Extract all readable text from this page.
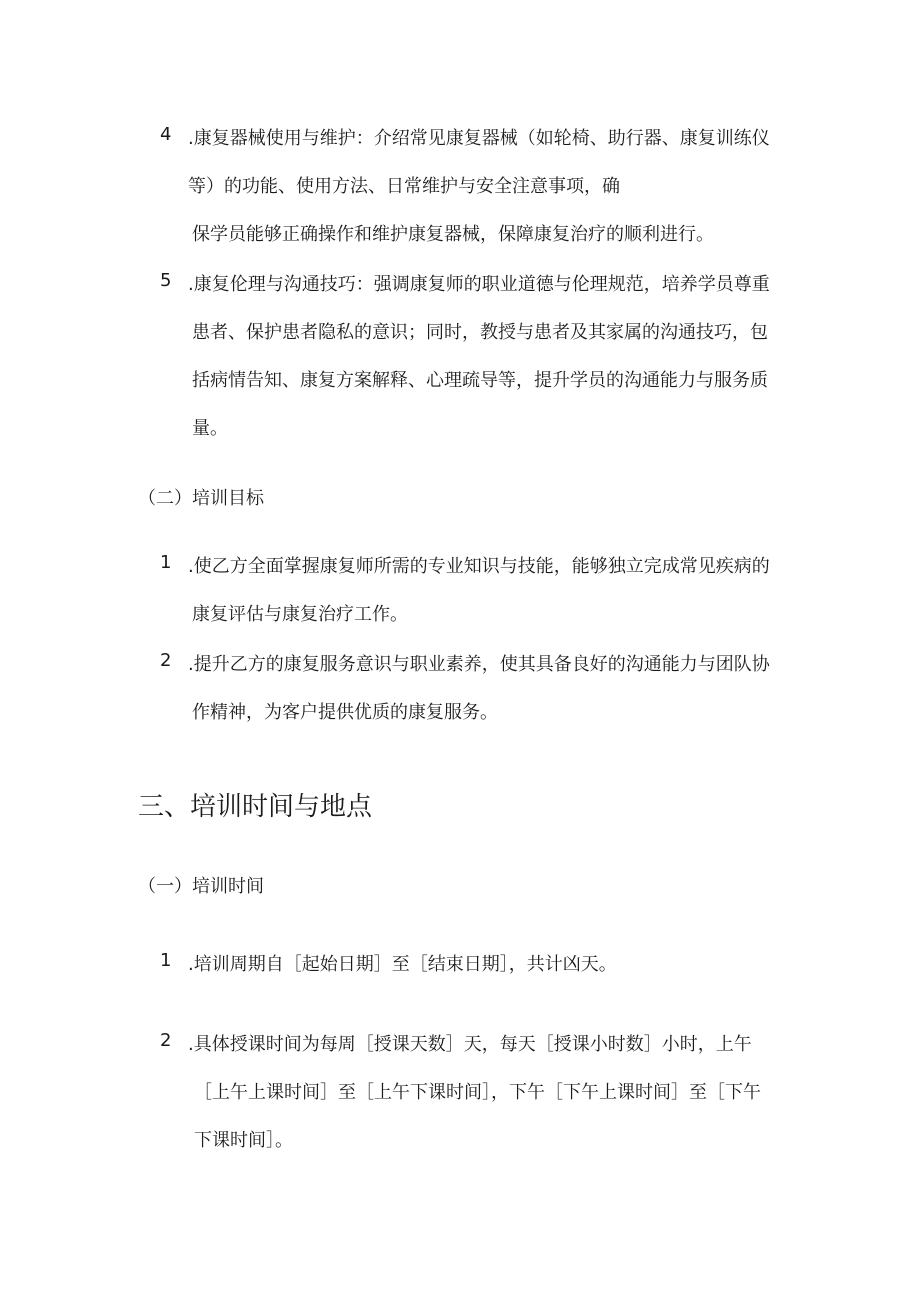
4 .康复器械使用与维护：介绍常见康复器械（如轮椅、助行器、康复训练仪
等）的功能、使用方法、日常维护与安全注意事项，确
保学员能够正确操作和维护康复器械，保障康复治疗的顺利进行。
5 .康复伦理与沟通技巧：强调康复师的职业道德与伦理规范，培养学员尊重
患者、保护患者隐私的意识；同时，教授与患者及其家属的沟通技巧，包
括病情告知、康复方案解释、心理疏导等，提升学员的沟通能力与服务质
量。
（二）培训目标
1 .使乙方全面掌握康复师所需的专业知识与技能，能够独立完成常见疾病的
康复评估与康复治疗工作。
2 .提升乙方的康复服务意识与职业素养，使其具备良好的沟通能力与团队协
作精神，为客户提供优质的康复服务。
三、培训时间与地点
（一）培训时间
1 .培训周期自［起始日期］至［结束日期］，共计凶天。
2 .具体授课时间为每周［授课天数］天，每天［授课小时数］小时，上午
［上午上课时间］至［上午下课时间］，下午［下午上课时间］至［下午
下课时间］。
